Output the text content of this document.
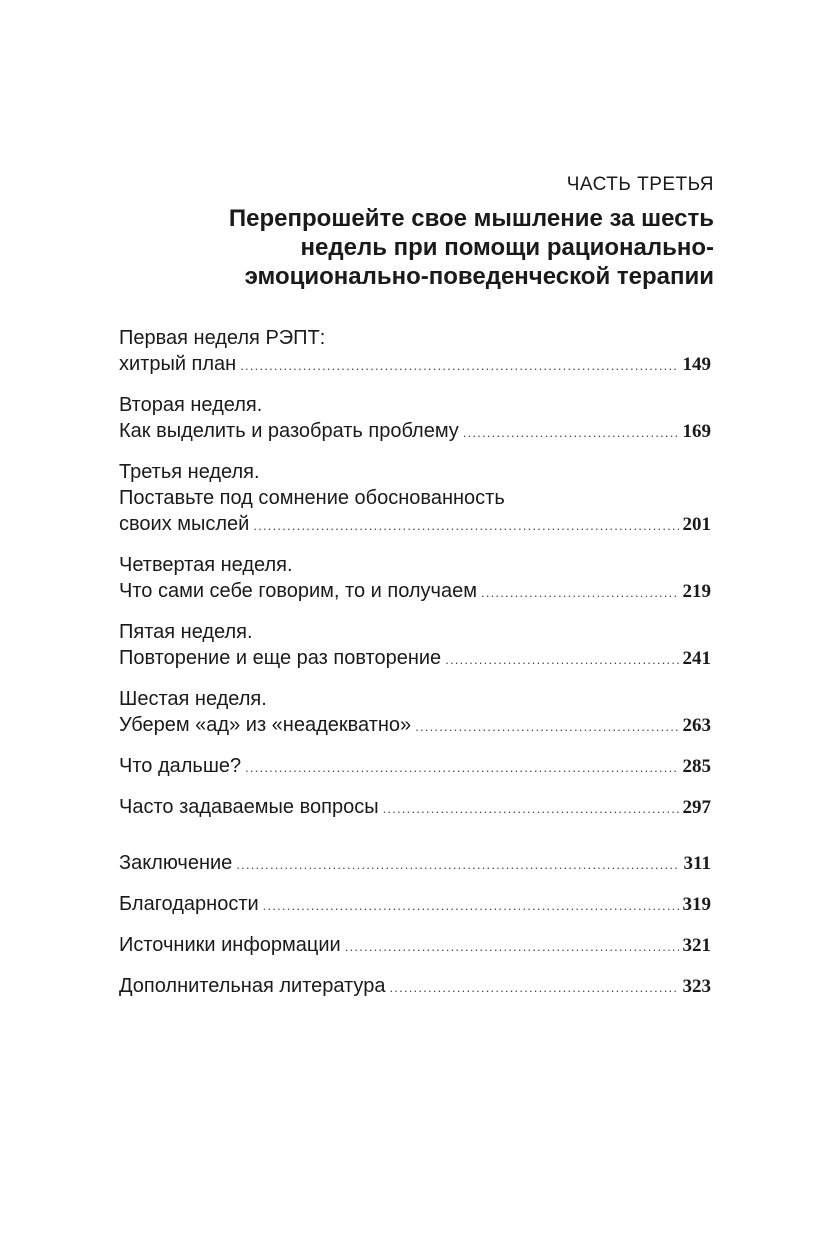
ЧАСТЬ ТРЕТЬЯ
Перепрошейте свое мышление за шесть
недель при помощи рационально-
эмоционально-поведенческой терапии
Первая неделя РЭПТ:
хитрый план .....	149
Вторая неделя.
Как выделить и разобрать проблему .....	169
Третья неделя.
Поставьте под сомнение обоснованность
своих мыслей .....	201
Четвертая неделя.
Что сами себе говорим, то и получаем .....	219
Пятая неделя.
Повторение и еще раз повторение .....	241
Шестая неделя.
Уберем «ад» из «неадекватно» .....	263
Что дальше? .....	285
Часто задаваемые вопросы .....	297
Заключение .....	311
Благодарности .....	319
Источники информации .....	321
Дополнительная литература .....	323
